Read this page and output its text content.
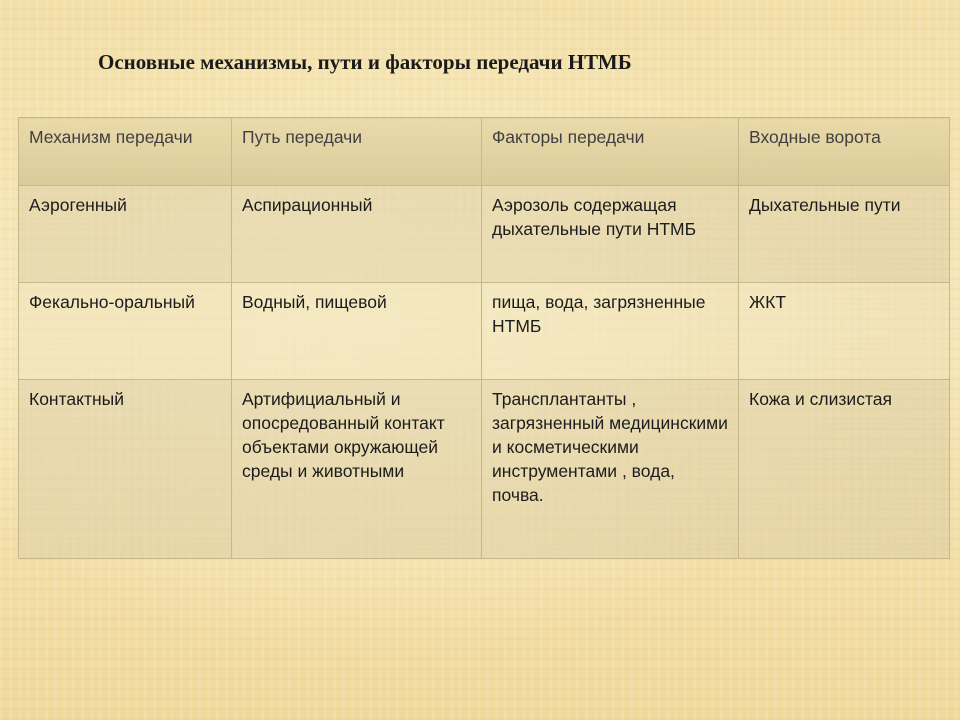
Основные механизмы, пути и факторы передачи НТМБ
Механизм передачи	Путь передачи	Факторы передачи	Входные ворота
Аэрогенный	Аспирационный	Аэрозоль содержащая дыхательные пути НТМБ	Дыхательные пути
Фекально-оральный	Водный, пищевой	пища, вода, загрязненные НТМБ	ЖКТ
Контактный	Артифициальный и опосредованный контакт объектами окружающей среды и животными	Трансплантанты , загрязненный медицинскими и косметическими инструментами , вода, почва.	Кожа и слизистая
